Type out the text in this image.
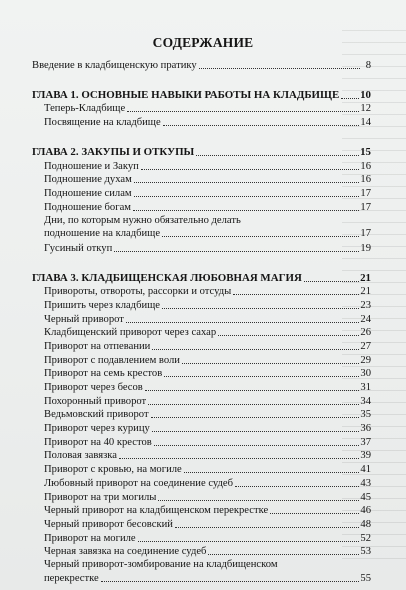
СОДЕРЖАНИЕ
Введение в кладбищенскую пратику	8
ГЛАВА 1. ОСНОВНЫЕ НАВЫКИ РАБОТЫ НА КЛАДБИЩЕ 10
Теперь-Кладбище	12
Посвящение на кладбище	14
ГЛАВА 2. ЗАКУПЫ И ОТКУПЫ	15
Подношение и Закуп	16
Подношение духам	16
Подношение силам	17
Подношение богам	17
Дни, по которым нужно обязательно делать
подношение на кладбище	17
Гусиный откуп	19
ГЛАВА 3. КЛАДБИЩЕНСКАЯ ЛЮБОВНАЯ МАГИЯ	21
Привороты, отвороты, рассорки и отсуды	21
Пришить через кладбище	23
Черный приворот	24
Кладбищенский приворот через сахар	26
Приворот на отпевании	27
Приворот с подавлением воли	29
Приворот на семь крестов	30
Приворот через бесов	31
Похоронный приворот	34
Ведьмовский приворот	35
Приворот через курицу	36
Приворот на 40 крестов	37
Половая завязка	39
Приворот с кровью, на могиле	41
Любовный приворот на соединение судеб	43
Приворот на три могилы	45
Черный приворот на кладбищенском перекрестке	46
Черный приворот бесовский	48
Приворот на могиле	52
Черная завязка на соединение судеб	53
Черный приворот-зомбирование на кладбищенском
перекрестке	55
